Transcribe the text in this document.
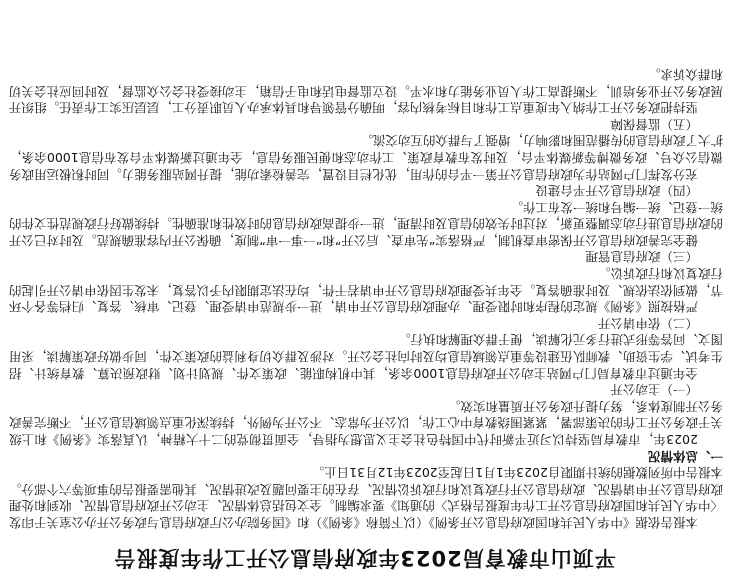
平顶山市教育局2023年政府信息公开工作年度报告

本报告依据《中华人民共和国政府信息公开条例》（以下简称《条例》）和《国务院办公厅政府信息与政务公开办公室关于印发〈中华人民共和国政府信息公开工作年度报告格式〉的通知》要求编制。全文包括总体情况、主动公开政府信息情况、收到和处理政府信息公开申请情况、政府信息公开行政复议和行政诉讼情况、存在的主要问题及改进情况、其他需要报告的事项等六个部分。本报告中所列数据的统计期限自2023年1月1日起至2023年12月31日止。

一、总体情况

2023年，市教育局坚持以习近平新时代中国特色社会主义思想为指导，全面贯彻党的二十大精神，认真落实《条例》和上级关于政务公开工作的决策部署，紧紧围绕教育中心工作，以公开为常态、不公开为例外，持续深化重点领域信息公开，不断完善政务公开制度体系，努力提升政务公开质量和实效。

（一）主动公开

全年通过市教育局门户网站主动公开政府信息1000余条，其中机构职能、政策文件、规划计划、财政预决算、教育统计、招生考试、学生资助、教师队伍建设等重点领域信息均及时向社会公开。对涉及群众切身利益的政策文件，同步做好政策解读，采用图文、问答等形式进行多元化解读，便于群众理解和执行。

（二）依申请公开

严格按照《条例》规定的程序和时限受理、办理政府信息公开申请，进一步规范申请受理、登记、审核、答复、归档等各个环节，做到依法依规、及时准确答复。全年共受理政府信息公开申请若干件，均在法定期限内予以答复，未发生因依申请公开引起的行政复议和行政诉讼。

（三）政府信息管理

健全完善政府信息公开保密审查机制，严格落实“先审查、后公开”和“一事一审”制度，确保公开内容准确规范。及时对已公开的政府信息进行动态调整更新，对过时失效的信息及时清理，进一步提高政府信息的时效性和准确性。持续做好行政规范性文件的统一登记、统一编号和统一发布工作。

（四）政府信息公开平台建设

充分发挥门户网站作为政府信息公开第一平台的作用，优化栏目设置，完善检索功能，提升网站服务能力。同时积极运用政务微信公众号、政务微博等新媒体平台，及时发布教育政策、工作动态和便民服务信息，全年通过新媒体平台发布信息1000余条，扩大了政府信息的传播范围和影响力，增强了与群众的互动交流。

（五）监督保障

坚持把政务公开工作纳入年度重点工作和目标考核内容，明确分管领导和具体承办人员职责分工，层层压实工作责任。组织开展政务公开业务培训，不断提高工作人员业务能力和水平。设立监督电话和电子信箱，主动接受社会公众监督，及时回应社会关切和群众诉求。
